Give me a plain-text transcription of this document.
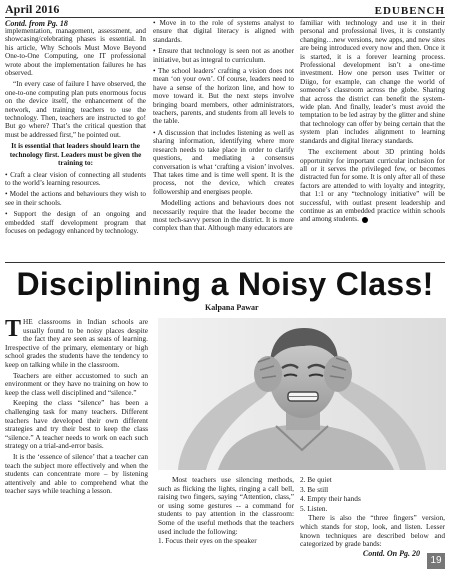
April 2016	EDUBENCH
Contd. from Pg. 18

implementation, management, assessment, and showcasing/celebrating phases is essential. In his article, Why Schools Must Move Beyond One-to-One Computing, one IT professional wrote about the implementation failures he has observed.

“In every case of failure I have observed, the one-to-one computing plan puts enormous focus on the device itself, the enhancement of the network, and training teachers to use the technology. Then, teachers are instructed to go! But go where? That’s the critical question that must be addressed first,” he pointed out.

It is essential that leaders should learn the technology first. Leaders must be given the training to:

• Craft a clear vision of connecting all students to the world’s learning resources.

• Model the actions and behaviours they wish to see in their schools.

• Support the design of an ongoing and embedded staff development program that focuses on pedagogy enhanced by technology.

• Move in to the role of systems analyst to ensure that digital literacy is aligned with standards.

• Ensure that technology is seen not as another initiative, but as integral to curriculum.

• The school leaders’ crafting a vision does not mean ‘on your own’. Of course, leaders need to have a sense of the horizon line, and how to move toward it. But the next steps involve bringing board members, other administrators, teachers, parents, and students from all levels to the table.

• A discussion that includes listening as well as sharing information, identifying where more research needs to take place in order to clarify questions, and mediating a consensus conversation is what ‘crafting a vision’ involves. That takes time and is time well spent. It is the process, not the device, which creates followership and energises people.

Modelling actions and behaviours does not necessarily require that the leader become the most tech-savvy person in the district. It is more complex than that. Although many educators are

familiar with technology and use it in their personal and professional lives, it is constantly changing…new versions, new apps, and new sites are being introduced every now and then. Once it is started, it is a forever learning process. Professional development isn’t a one-time investment. How one person uses Twitter or Diigo, for example, can change the world of someone’s classroom across the globe. Sharing that across the district can benefit the system-wide plan. And finally, leader’s must avoid the temptation to be led astray by the glitter and shine that technology can offer by being certain that the system plan includes alignment to learning standards and digital literacy standards.

The excitement about 3D printing holds opportunity for important curricular inclusion for all or it serves the privileged few, or becomes distracted fun for some. It is only after all of these factors are attended to with loyalty and integrity, that 1:1 or any “technology initiative” will be successful, with outlast present leadership and continue as an embedded practice within schools and among students.

Disciplining a Noisy Class!
Kalpana Pawar

THE classrooms in Indian schools are usually found to be noisy places despite the fact they are seen as seats of learning. Irrespective of the primary, elementary or high school grades the students have the tendency to keep on talking while in the classroom.

Teachers are either accustomed to such an environment or they have no training on how to keep the class well disciplined and “silence.”

Keeping the class “silence” has been a challenging task for many teachers. Different teachers have developed their own different strategies and try their best to keep the class “silence.” A teacher needs to work on each such strategy on a trial-and-error basis.

It is the ‘essence of silence’ that a teacher can teach the subject more effectively and when the students can concentrate more – by listening attentively and able to comprehend what the teacher says while teaching a lesson.

Most teachers use silencing methods, such as flicking the lights, ringing a call bell, raising two fingers, saying “Attention, class,” or using some gestures -- a command for students to pay attention in the classroom: Some of the useful methods that the teachers used include the following:

1. Focus their eyes on the speaker

2. Be quiet

3. Be still

4. Empty their hands

5. Listen.

There is also the “three fingers” version, which stands for stop, look, and listen. Lesser known techniques are described below and categorized by grade bands:

Contd. On Pg. 20
19
